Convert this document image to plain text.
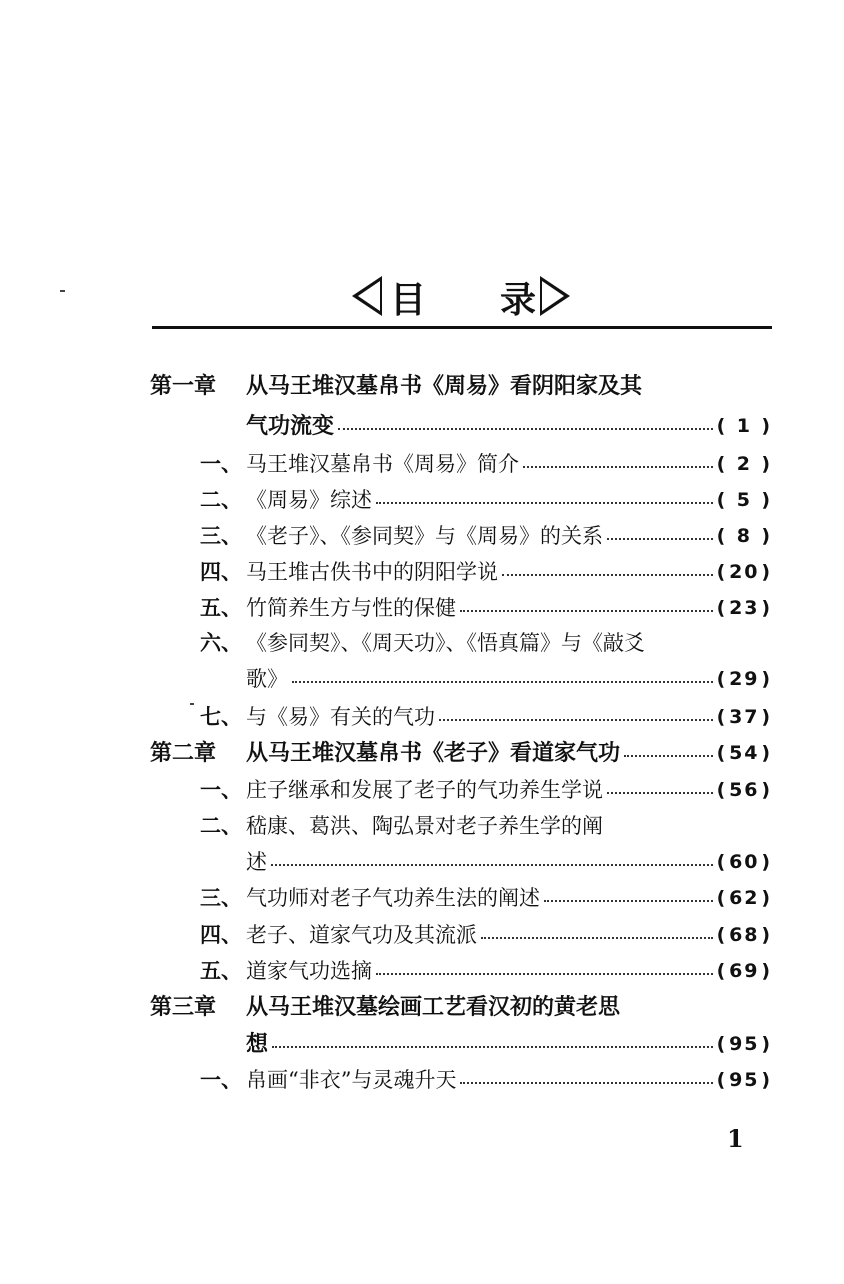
目 录
第一章	从马王堆汉墓帛书《周易》看阴阳家及其
气功流变	( 1 )
一、 马王堆汉墓帛书《周易》简介	( 2 )
二、 《周易》综述	( 5 )
三、 《老子》、《参同契》与《周易》的关系	( 8 )
四、 马王堆古佚书中的阴阳学说	(20)
五、 竹简养生方与性的保健	(23)
六、 《参同契》、《周天功》、《悟真篇》与《敲爻
歌》	(29)
七、 与《易》有关的气功	(37)
第二章	从马王堆汉墓帛书《老子》看道家气功	(54)
一、 庄子继承和发展了老子的气功养生学说	(56)
二、 嵇康、葛洪、陶弘景对老子养生学的阐
述	(60)
三、 气功师对老子气功养生法的阐述	(62)
四、 老子、道家气功及其流派	(68)
五、 道家气功选摘	(69)
第三章	从马王堆汉墓绘画工艺看汉初的黄老思
想	(95)
一、 帛画“非衣”与灵魂升天	(95)
1
